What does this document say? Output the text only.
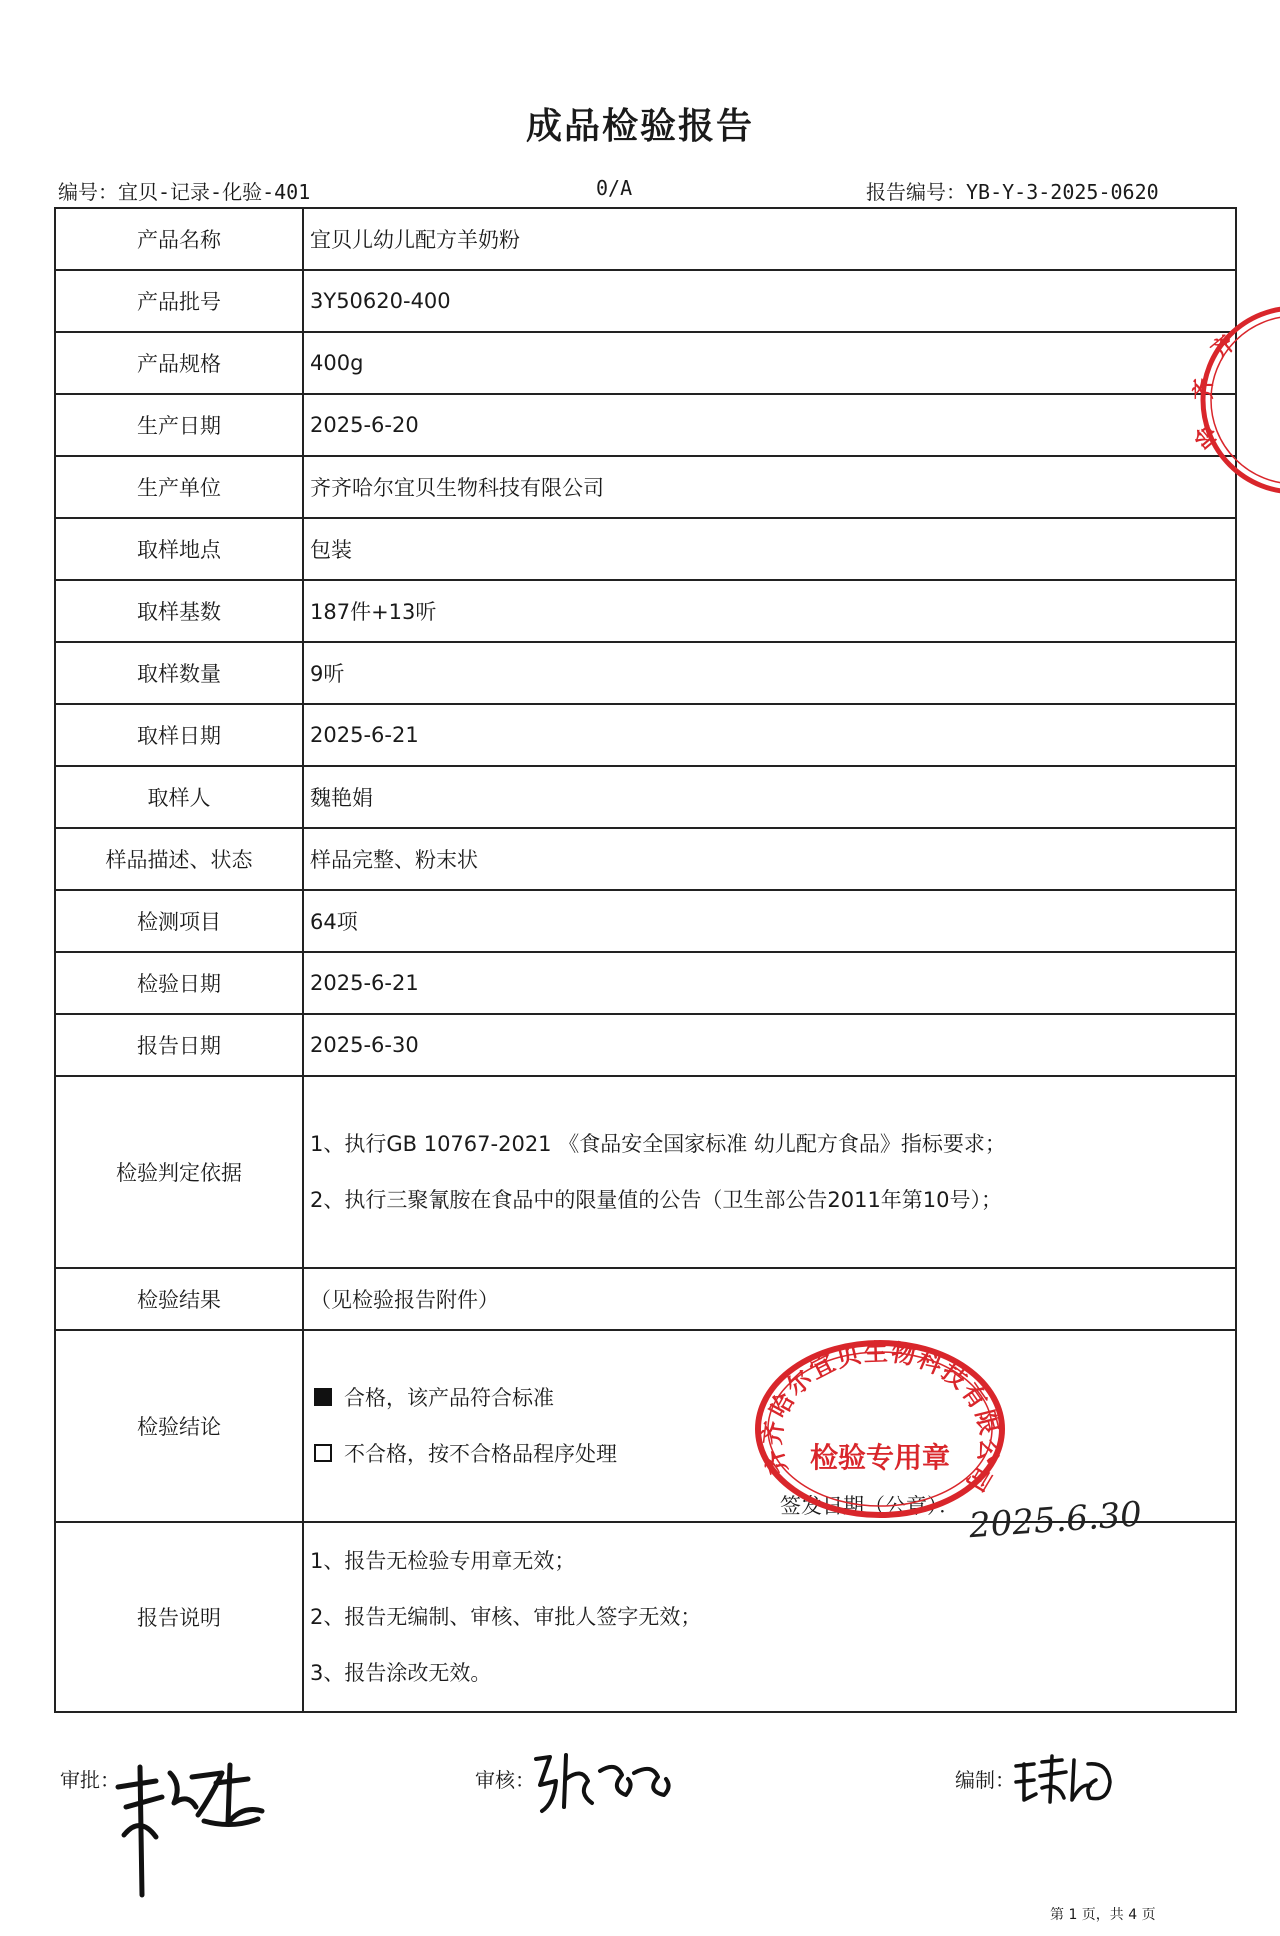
成品检验报告
编号：宜贝-记录-化验-401	0/A	报告编号：YB-Y-3-2025-0620
产品名称	宜贝儿幼儿配方羊奶粉
产品批号	3Y50620-400
产品规格	400g
生产日期	2025-6-20
生产单位	齐齐哈尔宜贝生物科技有限公司
取样地点	包装
取样基数	187件+13听
取样数量	9听
取样日期	2025-6-21
取样人	魏艳娟
样品描述、状态	样品完整、粉末状
检测项目	64项
检验日期	2025-6-21
报告日期	2025-6-30
检验判定依据	1、执行GB 10767-2021 《食品安全国家标准 幼儿配方食品》指标要求；
2、执行三聚氰胺在食品中的限量值的公告（卫生部公告2011年第10号）；

检验结果	（见检验报告附件）
检验结论	合格，该产品符合标准
不合格，按不合格品程序处理

报告说明	1、报告无检验专用章无效；
2、报告无编制、审核、审批人签字无效；
3、报告涂改无效。
签发日期（公章）：
齐
齐
哈
齐齐哈尔宜贝生物科技有限公司
检验专用章
2025.6.30
审批：	审核：	编制：
第 1 页，共 4 页
